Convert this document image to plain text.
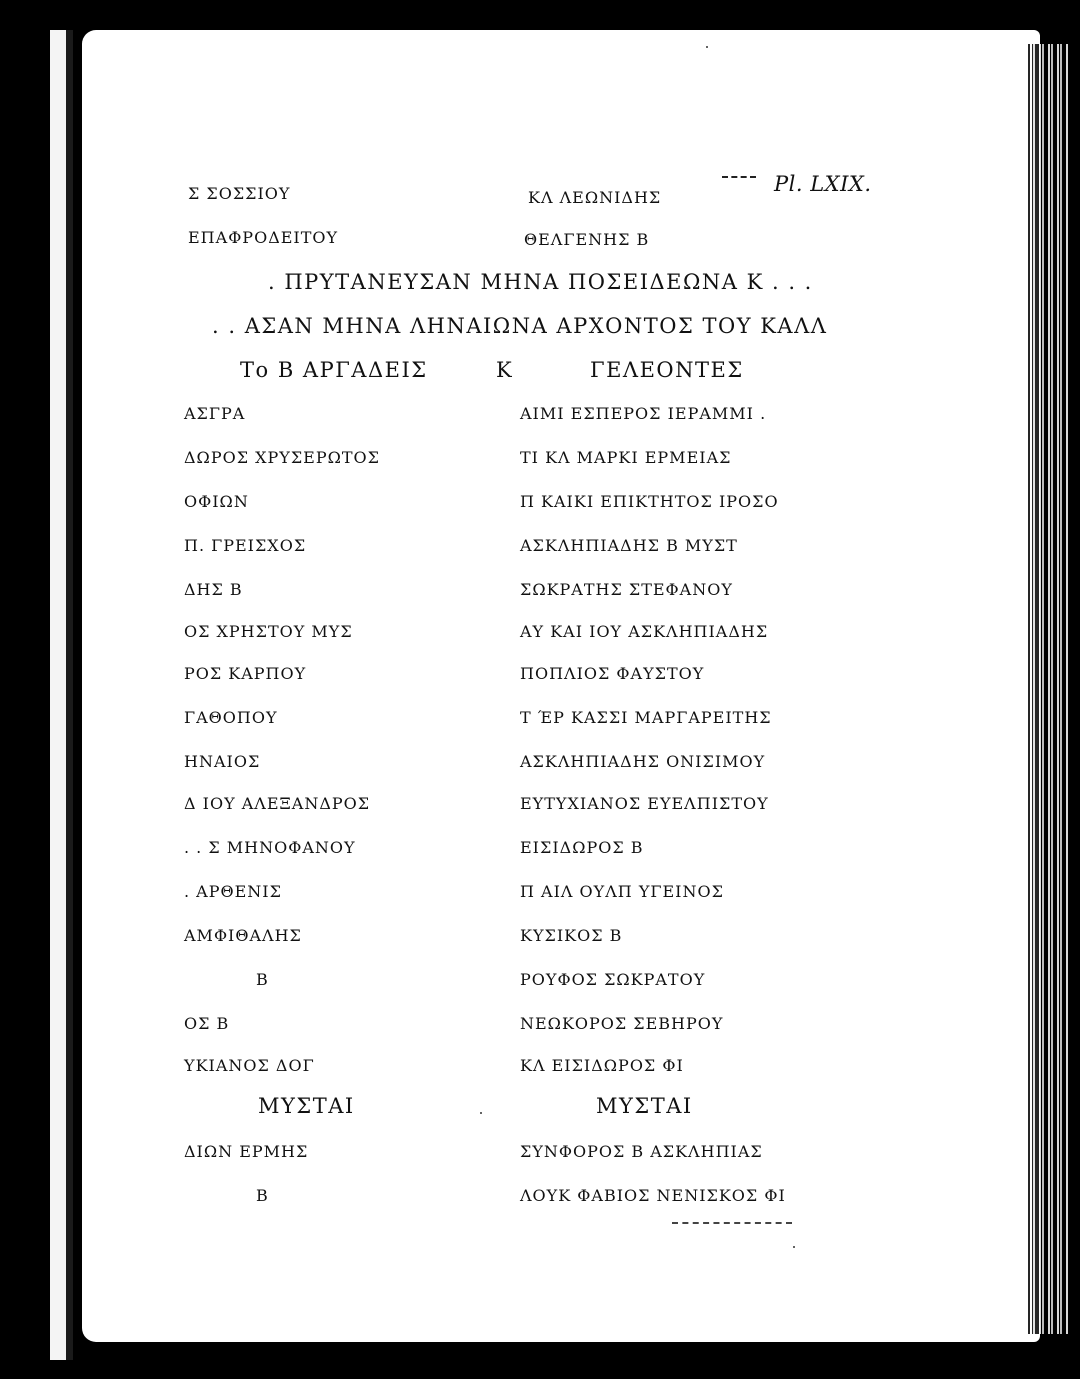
Pl. LXIX.
Σ ΣΟΣΣΙΟΥ	ΚΛ ΛΕΩΝΙΔΗΣ
ΕΠΑΦΡΟΔΕΙΤΟΥ	ΘΕΛΓΕΝΗΣ Β
. ΠΡΥΤΑΝΕΥΣΑΝ ΜΗΝΑ ΠΟΣΕΙΔΕΩΝΑ Κ . . .
. . ΑΣΑΝ ΜΗΝΑ ΛΗΝΑΙΩΝΑ ΑΡΧΟΝΤΟΣ ΤΟΥ ΚΑΛΛ
Το Β ΑΡΓΑΔΕΙΣ	Κ	ΓΕΛΕΟΝΤΕΣ
ΑΣΓΡΑ	ΑΙΜΙ ΕΣΠΕΡΟΣ ΙΕΡΑΜΜΙ .
ΔΩΡΟΣ ΧΡΥΣΕΡΩΤΟΣ	ΤΙ ΚΛ ΜΑΡΚΙ ΕΡΜΕΙΑΣ
ΟΦΙΩΝ	Π ΚΑΙΚΙ ΕΠΙΚΤΗΤΟΣ ΙΡΟΣΟ
Π. ΓΡΕΙΣΧΟΣ	ΑΣΚΛΗΠΙΑΔΗΣ Β ΜΥΣΤ
ΔΗΣ Β	ΣΩΚΡΑΤΗΣ ΣΤΕΦΑΝΟΥ
ΟΣ ΧΡΗΣΤΟΥ ΜΥΣ	ΑΥ ΚΑΙ ΙΟΥ ΑΣΚΛΗΠΙΑΔΗΣ
ΡΟΣ ΚΑΡΠΟΥ	ΠΟΠΛΙΟΣ ΦΑΥΣΤΟΥ
ΓΑΘΟΠΟΥ	Τ ΈΡ ΚΑΣΣΙ ΜΑΡΓΑΡΕΙΤΗΣ
ΗΝΑΙΟΣ	ΑΣΚΛΗΠΙΑΔΗΣ ΟΝΙΣΙΜΟΥ
Δ ΙΟΥ ΑΛΕΞΑΝΔΡΟΣ	ΕΥΤΥΧΙΑΝΟΣ ΕΥΕΛΠΙΣΤΟΥ
. . Σ ΜΗΝΟΦΑΝΟΥ	ΕΙΣΙΔΩΡΟΣ Β
. ΑΡΘΕΝΙΣ	Π ΑΙΛ ΟΥΛΠ ΥΓΕΙΝΟΣ
ΑΜΦΙΘΑΛΗΣ	ΚΥΣΙΚΟΣ Β
Β	ΡΟΥΦΟΣ ΣΩΚΡΑΤΟΥ
ΟΣ Β	ΝΕΩΚΟΡΟΣ ΣΕΒΗΡΟΥ
ΥΚΙΑΝΟΣ ΔΟΓ	ΚΛ ΕΙΣΙΔΩΡΟΣ ΦΙ
ΜΥΣΤΑΙ	ΜΥΣΤΑΙ
ΔΙΩΝ ΕΡΜΗΣ	ΣΥΝΦΟΡΟΣ Β ΑΣΚΛΗΠΙΑΣ
Β	ΛΟΥΚ ΦΑΒΙΟΣ ΝΕΝΙΣΚΟΣ ΦΙ
